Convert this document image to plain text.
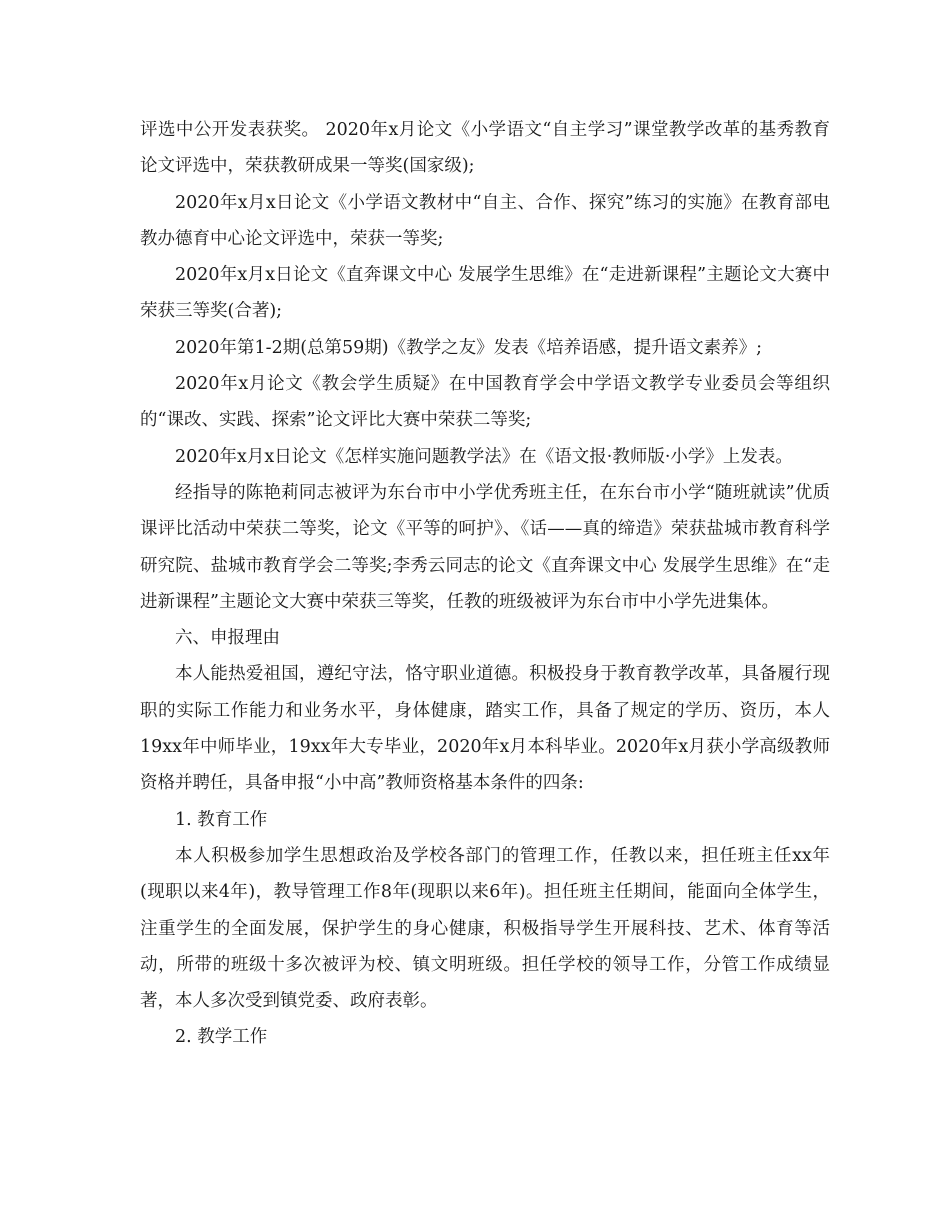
评选中公开发表获奖。 2020年x月论文《小学语文“自主学习”课堂教学改革的基秀教育论文评选中，荣获教研成果一等奖(国家级);

2020年x月x日论文《小学语文教材中“自主、合作、探究”练习的实施》在教育部电教办德育中心论文评选中，荣获一等奖;

2020年x月x日论文《直奔课文中心 发展学生思维》在“走进新课程”主题论文大赛中荣获三等奖(合著);

2020年第1-2期(总第59期)《教学之友》发表《培养语感，提升语文素养》;

2020年x月论文《教会学生质疑》在中国教育学会中学语文教学专业委员会等组织的“课改、实践、探索”论文评比大赛中荣获二等奖;

2020年x月x日论文《怎样实施问题教学法》在《语文报·教师版·小学》上发表。

经指导的陈艳莉同志被评为东台市中小学优秀班主任，在东台市小学“随班就读”优质课评比活动中荣获二等奖，论文《平等的呵护》、《话——真的缔造》荣获盐城市教育科学研究院、盐城市教育学会二等奖;李秀云同志的论文《直奔课文中心 发展学生思维》在“走进新课程”主题论文大赛中荣获三等奖，任教的班级被评为东台市中小学先进集体。

六、申报理由

本人能热爱祖国，遵纪守法，恪守职业道德。积极投身于教育教学改革，具备履行现职的实际工作能力和业务水平，身体健康，踏实工作，具备了规定的学历、资历，本人19xx年中师毕业，19xx年大专毕业，2020年x月本科毕业。2020年x月获小学高级教师资格并聘任，具备申报“小中高”教师资格基本条件的四条:

1. 教育工作

本人积极参加学生思想政治及学校各部门的管理工作，任教以来，担任班主任xx年(现职以来4年)，教导管理工作8年(现职以来6年)。担任班主任期间，能面向全体学生，注重学生的全面发展，保护学生的身心健康，积极指导学生开展科技、艺术、体育等活动，所带的班级十多次被评为校、镇文明班级。担任学校的领导工作，分管工作成绩显著，本人多次受到镇党委、政府表彰。

2. 教学工作
